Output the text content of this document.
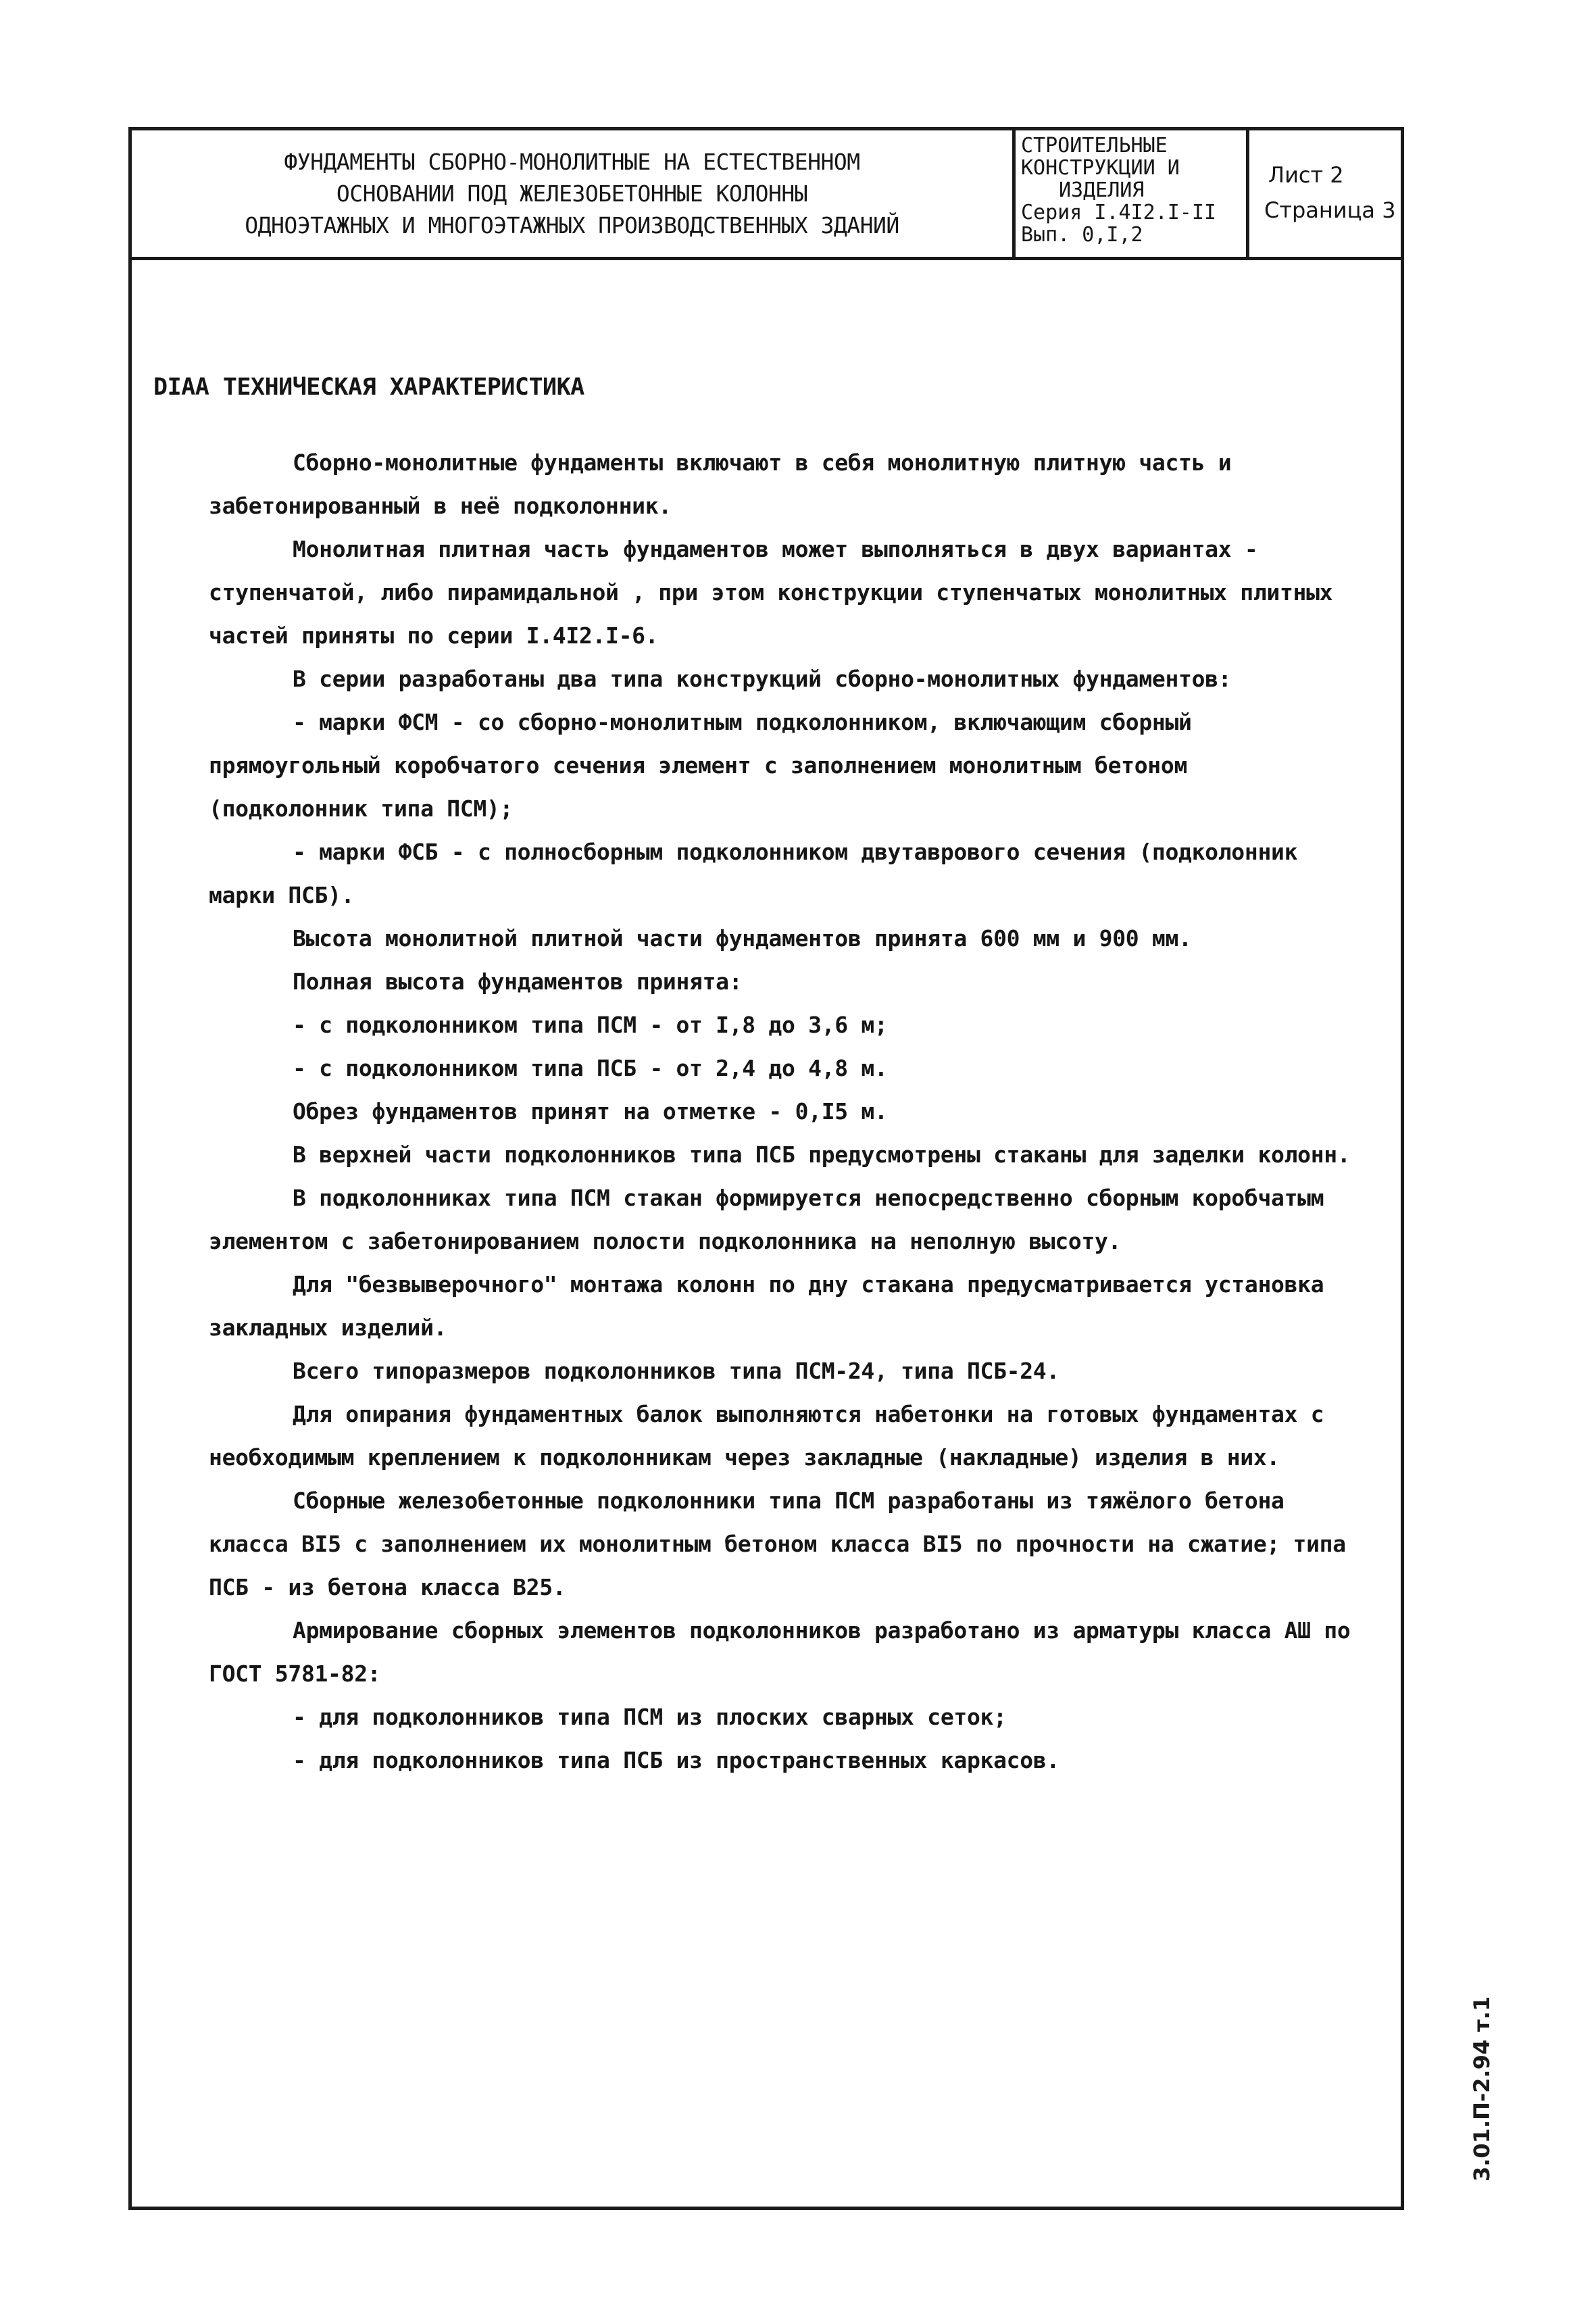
ФУНДАМЕНТЫ СБОРНО-МОНОЛИТНЫЕ НА ЕСТЕСТВЕННОМ
ОСНОВАНИИ ПОД ЖЕЛЕЗОБЕТОННЫЕ КОЛОННЫ
ОДНОЭТАЖНЫХ И МНОГОЭТАЖНЫХ ПРОИЗВОДСТВЕННЫХ ЗДАНИЙ
СТРОИТЕЛЬНЫЕ
КОНСТРУКЦИИ И
ИЗДЕЛИЯ
Серия I.4I2.I-II
Вып. 0,I,2
Лист 2
Страница 3
DIAA ТЕХНИЧЕСКАЯ ХАРАКТЕРИСТИКА

Сборно-монолитные фундаменты включают в себя монолитную плитную часть и забетонированный в неё подколонник.

Монолитная плитная часть фундаментов может выполняться в двух вариантах - ступенчатой, либо пирамидальной , при этом конструкции ступенчатых монолитных плитных частей приняты по серии I.4I2.I-6.

В серии разработаны два типа конструкций сборно-монолитных фундаментов:

- марки ФСМ - со сборно-монолитным подколонником, включающим сборный прямоугольный коробчатого сечения элемент с заполнением монолитным бетоном (подколонник типа ПСМ);

- марки ФСБ - с полносборным подколонником двутаврового сечения (подколонник марки ПСБ).

Высота монолитной плитной части фундаментов принята 600 мм и 900 мм.

Полная высота фундаментов принята:

- с подколонником типа ПСМ - от I,8 до 3,6 м;

- с подколонником типа ПСБ - от 2,4 до 4,8 м.

Обрез фундаментов принят на отметке - 0,I5 м.

В верхней части подколонников типа ПСБ предусмотрены стаканы для заделки колонн.

В подколонниках типа ПСМ стакан формируется непосредственно сборным коробчатым элементом с забетонированием полости подколонника на неполную высоту.

Для "безвыверочного" монтажа колонн по дну стакана предусматривается установка закладных изделий.

Всего типоразмеров подколонников типа ПСМ-24, типа ПСБ-24.

Для опирания фундаментных балок выполняются набетонки на готовых фундаментах с необходимым креплением к подколонникам через закладные (накладные) изделия в них.

Сборные железобетонные подколонники типа ПСМ разработаны из тяжёлого бетона класса ВI5 с заполнением их монолитным бетоном класса ВI5 по прочности на сжатие; типа ПСБ - из бетона класса В25.

Армирование сборных элементов подколонников разработано из арматуры класса АШ по ГОСТ 5781-82:

- для подколонников типа ПСМ из плоских сварных сеток;

- для подколонников типа ПСБ из пространственных каркасов.

3.01.П-2.94 т.1
